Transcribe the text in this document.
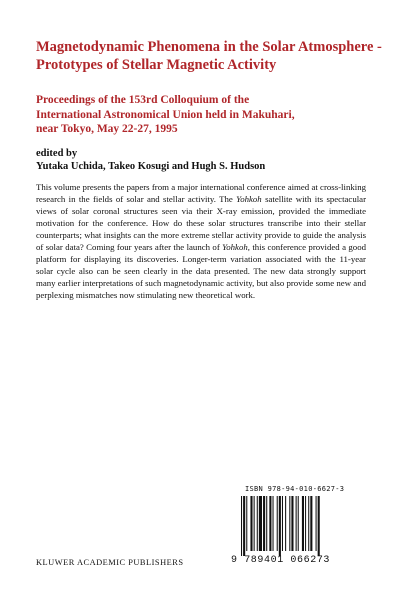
Magnetodynamic Phenomena in the Solar Atmosphere -
Prototypes of Stellar Magnetic Activity
Proceedings of the 153rd Colloquium of the
International Astronomical Union held in Makuhari,
near Tokyo, May 22-27, 1995
edited by
Yutaka Uchida, Takeo Kosugi and Hugh S. Hudson

This volume presents the papers from a major international conference aimed at cross-linking research in the fields of solar and stellar activity. The Yohkoh satellite with its spectacular views of solar coronal structures seen via their X-ray emission, provided the immediate motivation for the conference. How do these solar structures transcribe into their stellar counterparts; what insights can the more extreme stellar activity provide to guide the analysis of solar data? Coming four years after the launch of Yohkoh, this conference provided a good platform for displaying its discoveries. Longer-term variation associated with the 11-year solar cycle also can be seen clearly in the data presented. The new data strongly support many earlier interpretations of such magnetodynamic activity, but also provide some new and perplexing mismatches now stimulating new theoretical work.

ISBN 978-94-010-6627-3
9 789401 066273
KLUWER ACADEMIC PUBLISHERS
